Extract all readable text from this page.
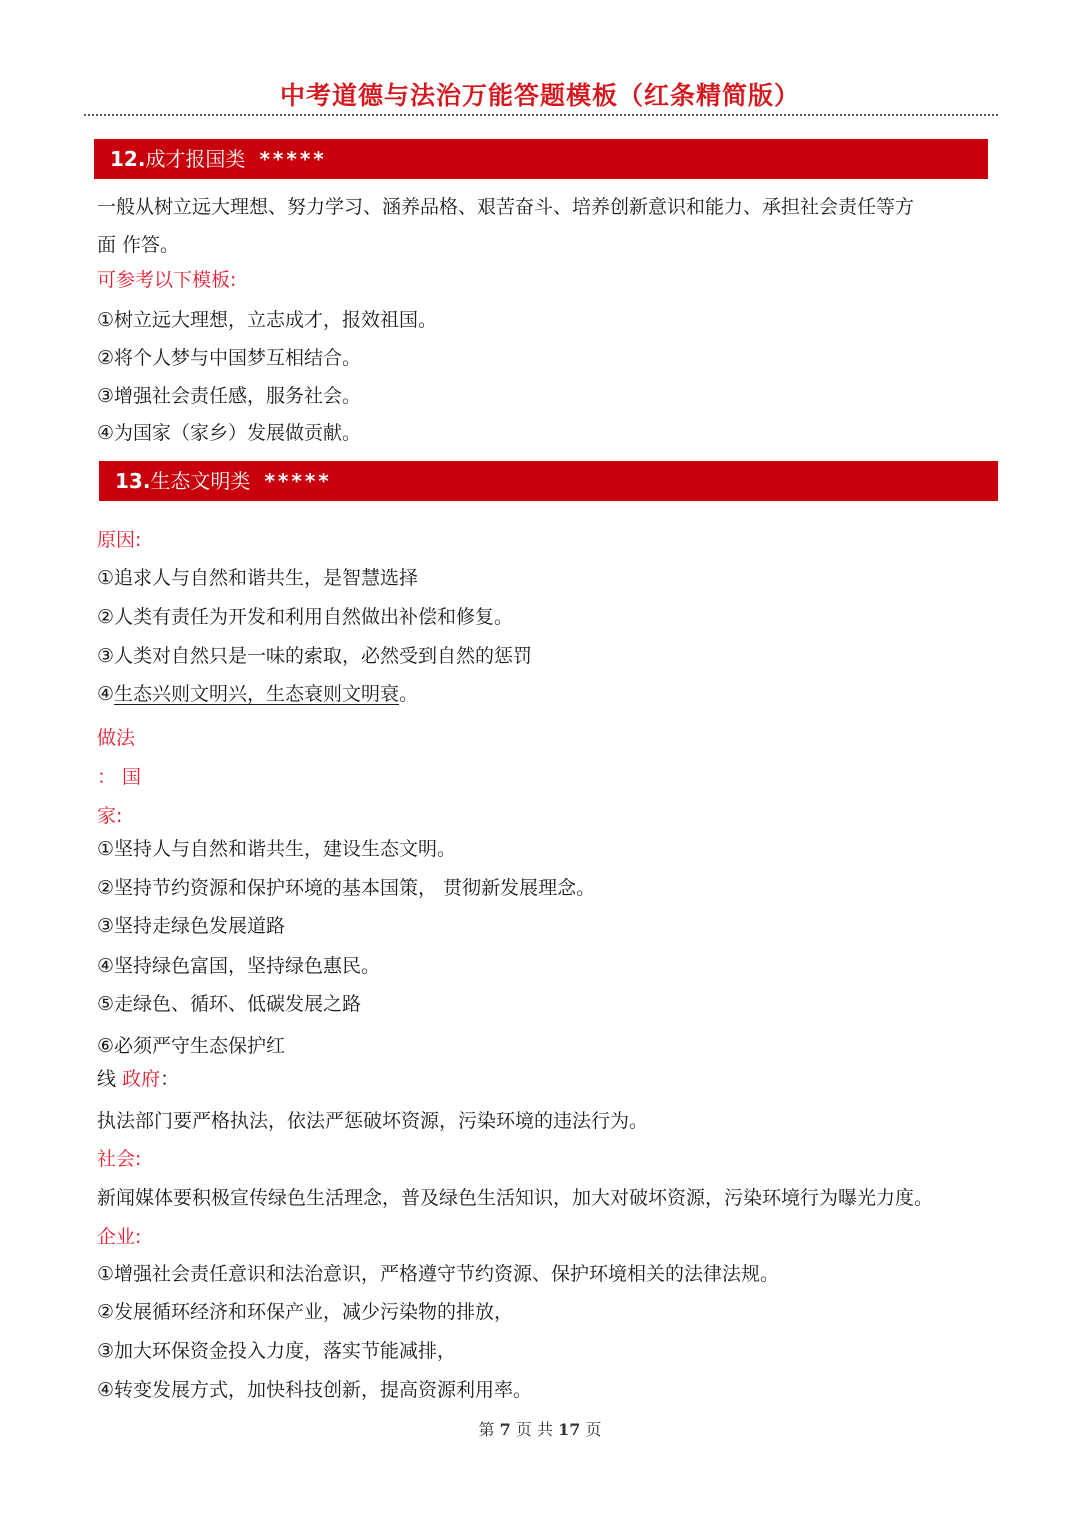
中考道德与法治万能答题模板（红条精简版）
12.成才报国类 *****
一般从树立远大理想、努力学习、涵养品格、艰苦奋斗、培养创新意识和能力、承担社会责任等方
面 作答。
可参考以下模板:
①树立远大理想，立志成才，报效祖国。
②将个人梦与中国梦互相结合。
③增强社会责任感，服务社会。
④为国家（家乡）发展做贡献。
13.生态文明类 *****
原因:
①追求人与自然和谐共生，是智慧选择
②人类有责任为开发和利用自然做出补偿和修复。
③人类对自然只是一味的索取，必然受到自然的惩罚
④生态兴则文明兴，生态衰则文明衰。
做法
： 国
家:
①坚持人与自然和谐共生，建设生态文明。
②坚持节约资源和保护环境的基本国策， 贯彻新发展理念。
③坚持走绿色发展道路
④坚持绿色富国，坚持绿色惠民。
⑤走绿色、循环、低碳发展之路
⑥必须严守生态保护红
线 政府：
执法部门要严格执法，依法严惩破坏资源，污染环境的违法行为。
社会:
新闻媒体要积极宣传绿色生活理念，普及绿色生活知识，加大对破坏资源，污染环境行为曝光力度。
企业:
①增强社会责任意识和法治意识，严格遵守节约资源、保护环境相关的法律法规。
②发展循环经济和环保产业，减少污染物的排放，
③加大环保资金投入力度，落实节能减排，
④转变发展方式，加快科技创新，提高资源利用率。
第 7 页 共 17 页
